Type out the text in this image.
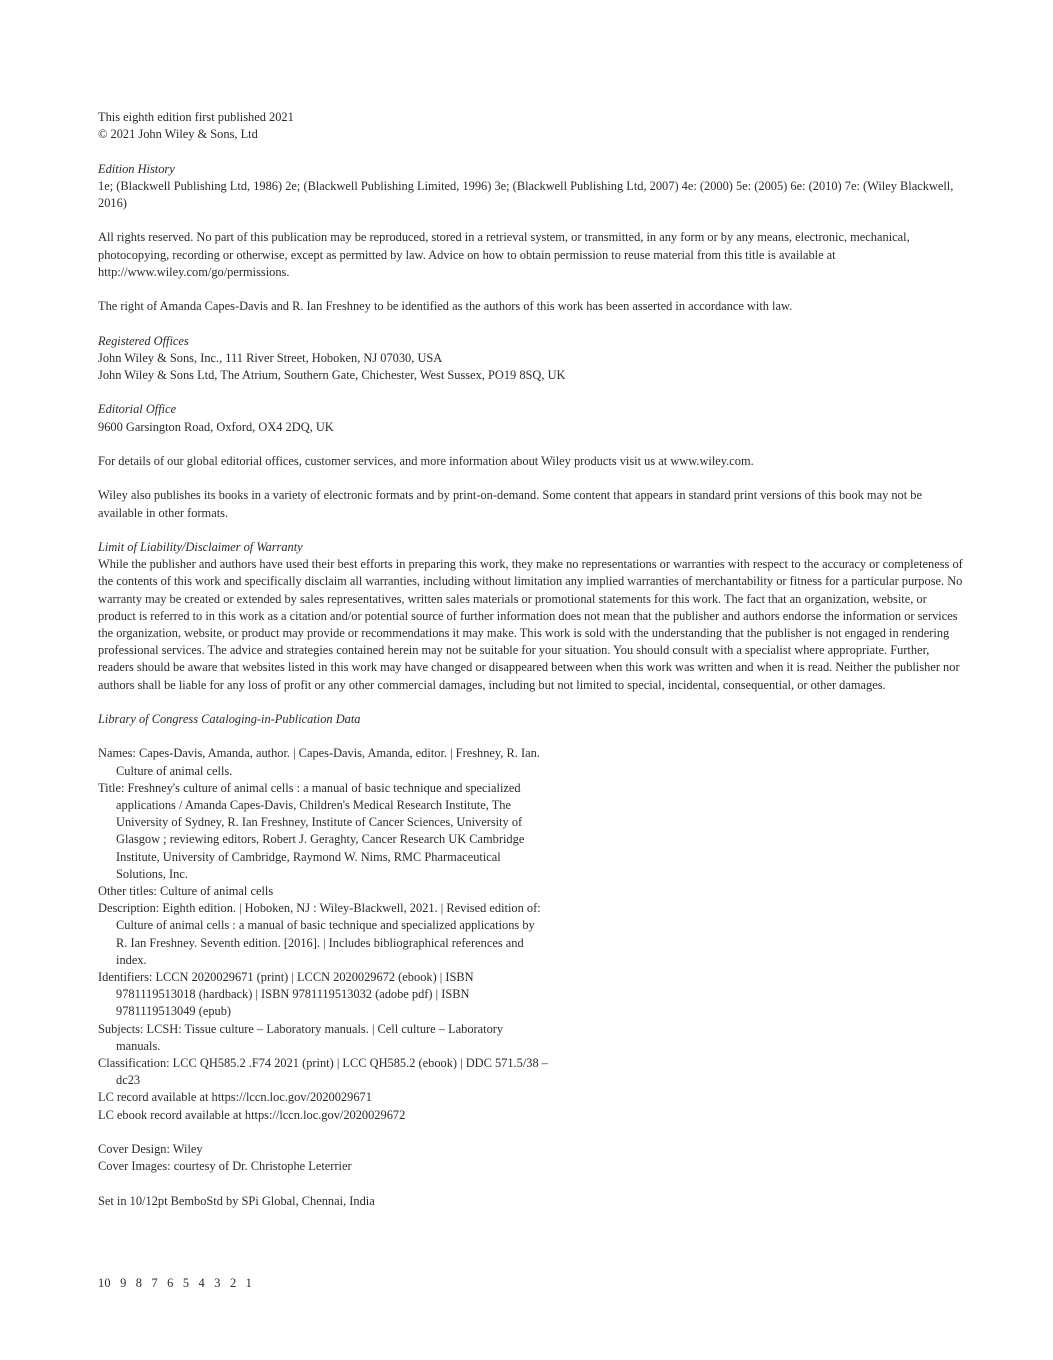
This eighth edition first published 2021

© 2021 John Wiley & Sons, Ltd

Edition History

1e; (Blackwell Publishing Ltd, 1986) 2e; (Blackwell Publishing Limited, 1996) 3e; (Blackwell Publishing Ltd, 2007) 4e: (2000) 5e: (2005) 6e: (2010) 7e: (Wiley Blackwell, 2016)

All rights reserved. No part of this publication may be reproduced, stored in a retrieval system, or transmitted, in any form or by any means, electronic, mechanical, photocopying, recording or otherwise, except as permitted by law. Advice on how to obtain permission to reuse material from this title is available at http://www.wiley.com/go/permissions.

The right of Amanda Capes-Davis and R. Ian Freshney to be identified as the authors of this work has been asserted in accordance with law.

Registered Offices

John Wiley & Sons, Inc., 111 River Street, Hoboken, NJ 07030, USA

John Wiley & Sons Ltd, The Atrium, Southern Gate, Chichester, West Sussex, PO19 8SQ, UK

Editorial Office

9600 Garsington Road, Oxford, OX4 2DQ, UK

For details of our global editorial offices, customer services, and more information about Wiley products visit us at www.wiley.com.

Wiley also publishes its books in a variety of electronic formats and by print-on-demand. Some content that appears in standard print versions of this book may not be available in other formats.

Limit of Liability/Disclaimer of Warranty

While the publisher and authors have used their best efforts in preparing this work, they make no representations or warranties with respect to the accuracy or completeness of the contents of this work and specifically disclaim all warranties, including without limitation any implied warranties of merchantability or fitness for a particular purpose. No warranty may be created or extended by sales representatives, written sales materials or promotional statements for this work. The fact that an organization, website, or product is referred to in this work as a citation and/or potential source of further information does not mean that the publisher and authors endorse the information or services the organization, website, or product may provide or recommendations it may make. This work is sold with the understanding that the publisher is not engaged in rendering professional services. The advice and strategies contained herein may not be suitable for your situation. You should consult with a specialist where appropriate. Further, readers should be aware that websites listed in this work may have changed or disappeared between when this work was written and when it is read. Neither the publisher nor authors shall be liable for any loss of profit or any other commercial damages, including but not limited to special, incidental, consequential, or other damages.

Library of Congress Cataloging-in-Publication Data

Names: Capes-Davis, Amanda, author. | Capes-Davis, Amanda, editor. | Freshney, R. Ian. Culture of animal cells.

Title: Freshney's culture of animal cells : a manual of basic technique and specialized applications / Amanda Capes-Davis, Children's Medical Research Institute, The University of Sydney, R. Ian Freshney, Institute of Cancer Sciences, University of Glasgow ; reviewing editors, Robert J. Geraghty, Cancer Research UK Cambridge Institute, University of Cambridge, Raymond W. Nims, RMC Pharmaceutical Solutions, Inc.

Other titles: Culture of animal cells

Description: Eighth edition. | Hoboken, NJ : Wiley-Blackwell, 2021. | Revised edition of: Culture of animal cells : a manual of basic technique and specialized applications by R. Ian Freshney. Seventh edition. [2016]. | Includes bibliographical references and index.

Identifiers: LCCN 2020029671 (print) | LCCN 2020029672 (ebook) | ISBN 9781119513018 (hardback) | ISBN 9781119513032 (adobe pdf) | ISBN 9781119513049 (epub)

Subjects: LCSH: Tissue culture – Laboratory manuals. | Cell culture – Laboratory manuals.

Classification: LCC QH585.2 .F74 2021 (print) | LCC QH585.2 (ebook) | DDC 571.5/38 – dc23

LC record available at https://lccn.loc.gov/2020029671

LC ebook record available at https://lccn.loc.gov/2020029672

Cover Design: Wiley

Cover Images: courtesy of Dr. Christophe Leterrier

Set in 10/12pt BemboStd by SPi Global, Chennai, India

10 9 8 7 6 5 4 3 2 1
